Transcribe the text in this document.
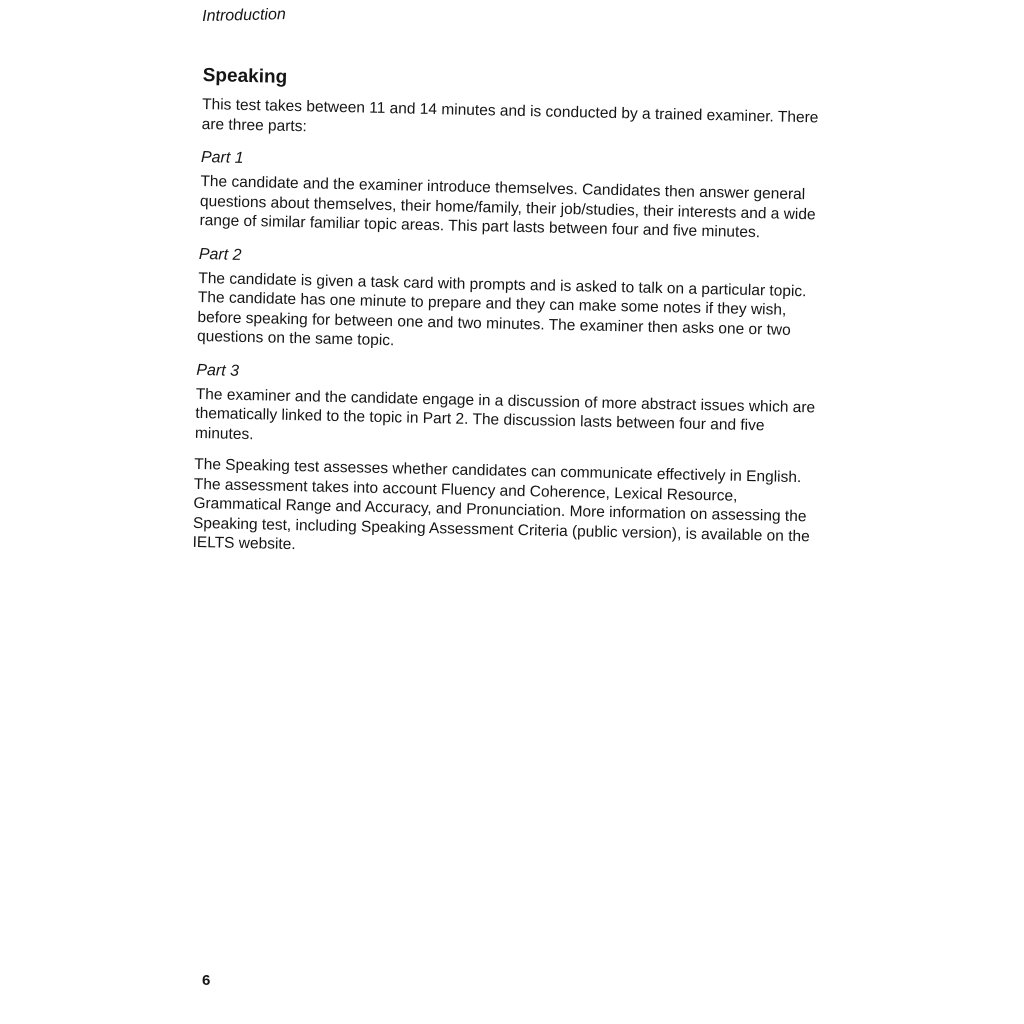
Introduction
Speaking

This test takes between 11 and 14 minutes and is conducted by a trained examiner. There are three parts:

Part 1

The candidate and the examiner introduce themselves. Candidates then answer general questions about themselves, their home/family, their job/studies, their interests and a wide range of similar familiar topic areas. This part lasts between four and five minutes.

Part 2

The candidate is given a task card with prompts and is asked to talk on a particular topic. The candidate has one minute to prepare and they can make some notes if they wish, before speaking for between one and two minutes. The examiner then asks one or two questions on the same topic.

Part 3

The examiner and the candidate engage in a discussion of more abstract issues which are thematically linked to the topic in Part 2. The discussion lasts between four and five minutes.

The Speaking test assesses whether candidates can communicate effectively in English. The assessment takes into account Fluency and Coherence, Lexical Resource, Grammatical Range and Accuracy, and Pronunciation. More information on assessing the Speaking test, including Speaking Assessment Criteria (public version), is available on the IELTS website.

6
